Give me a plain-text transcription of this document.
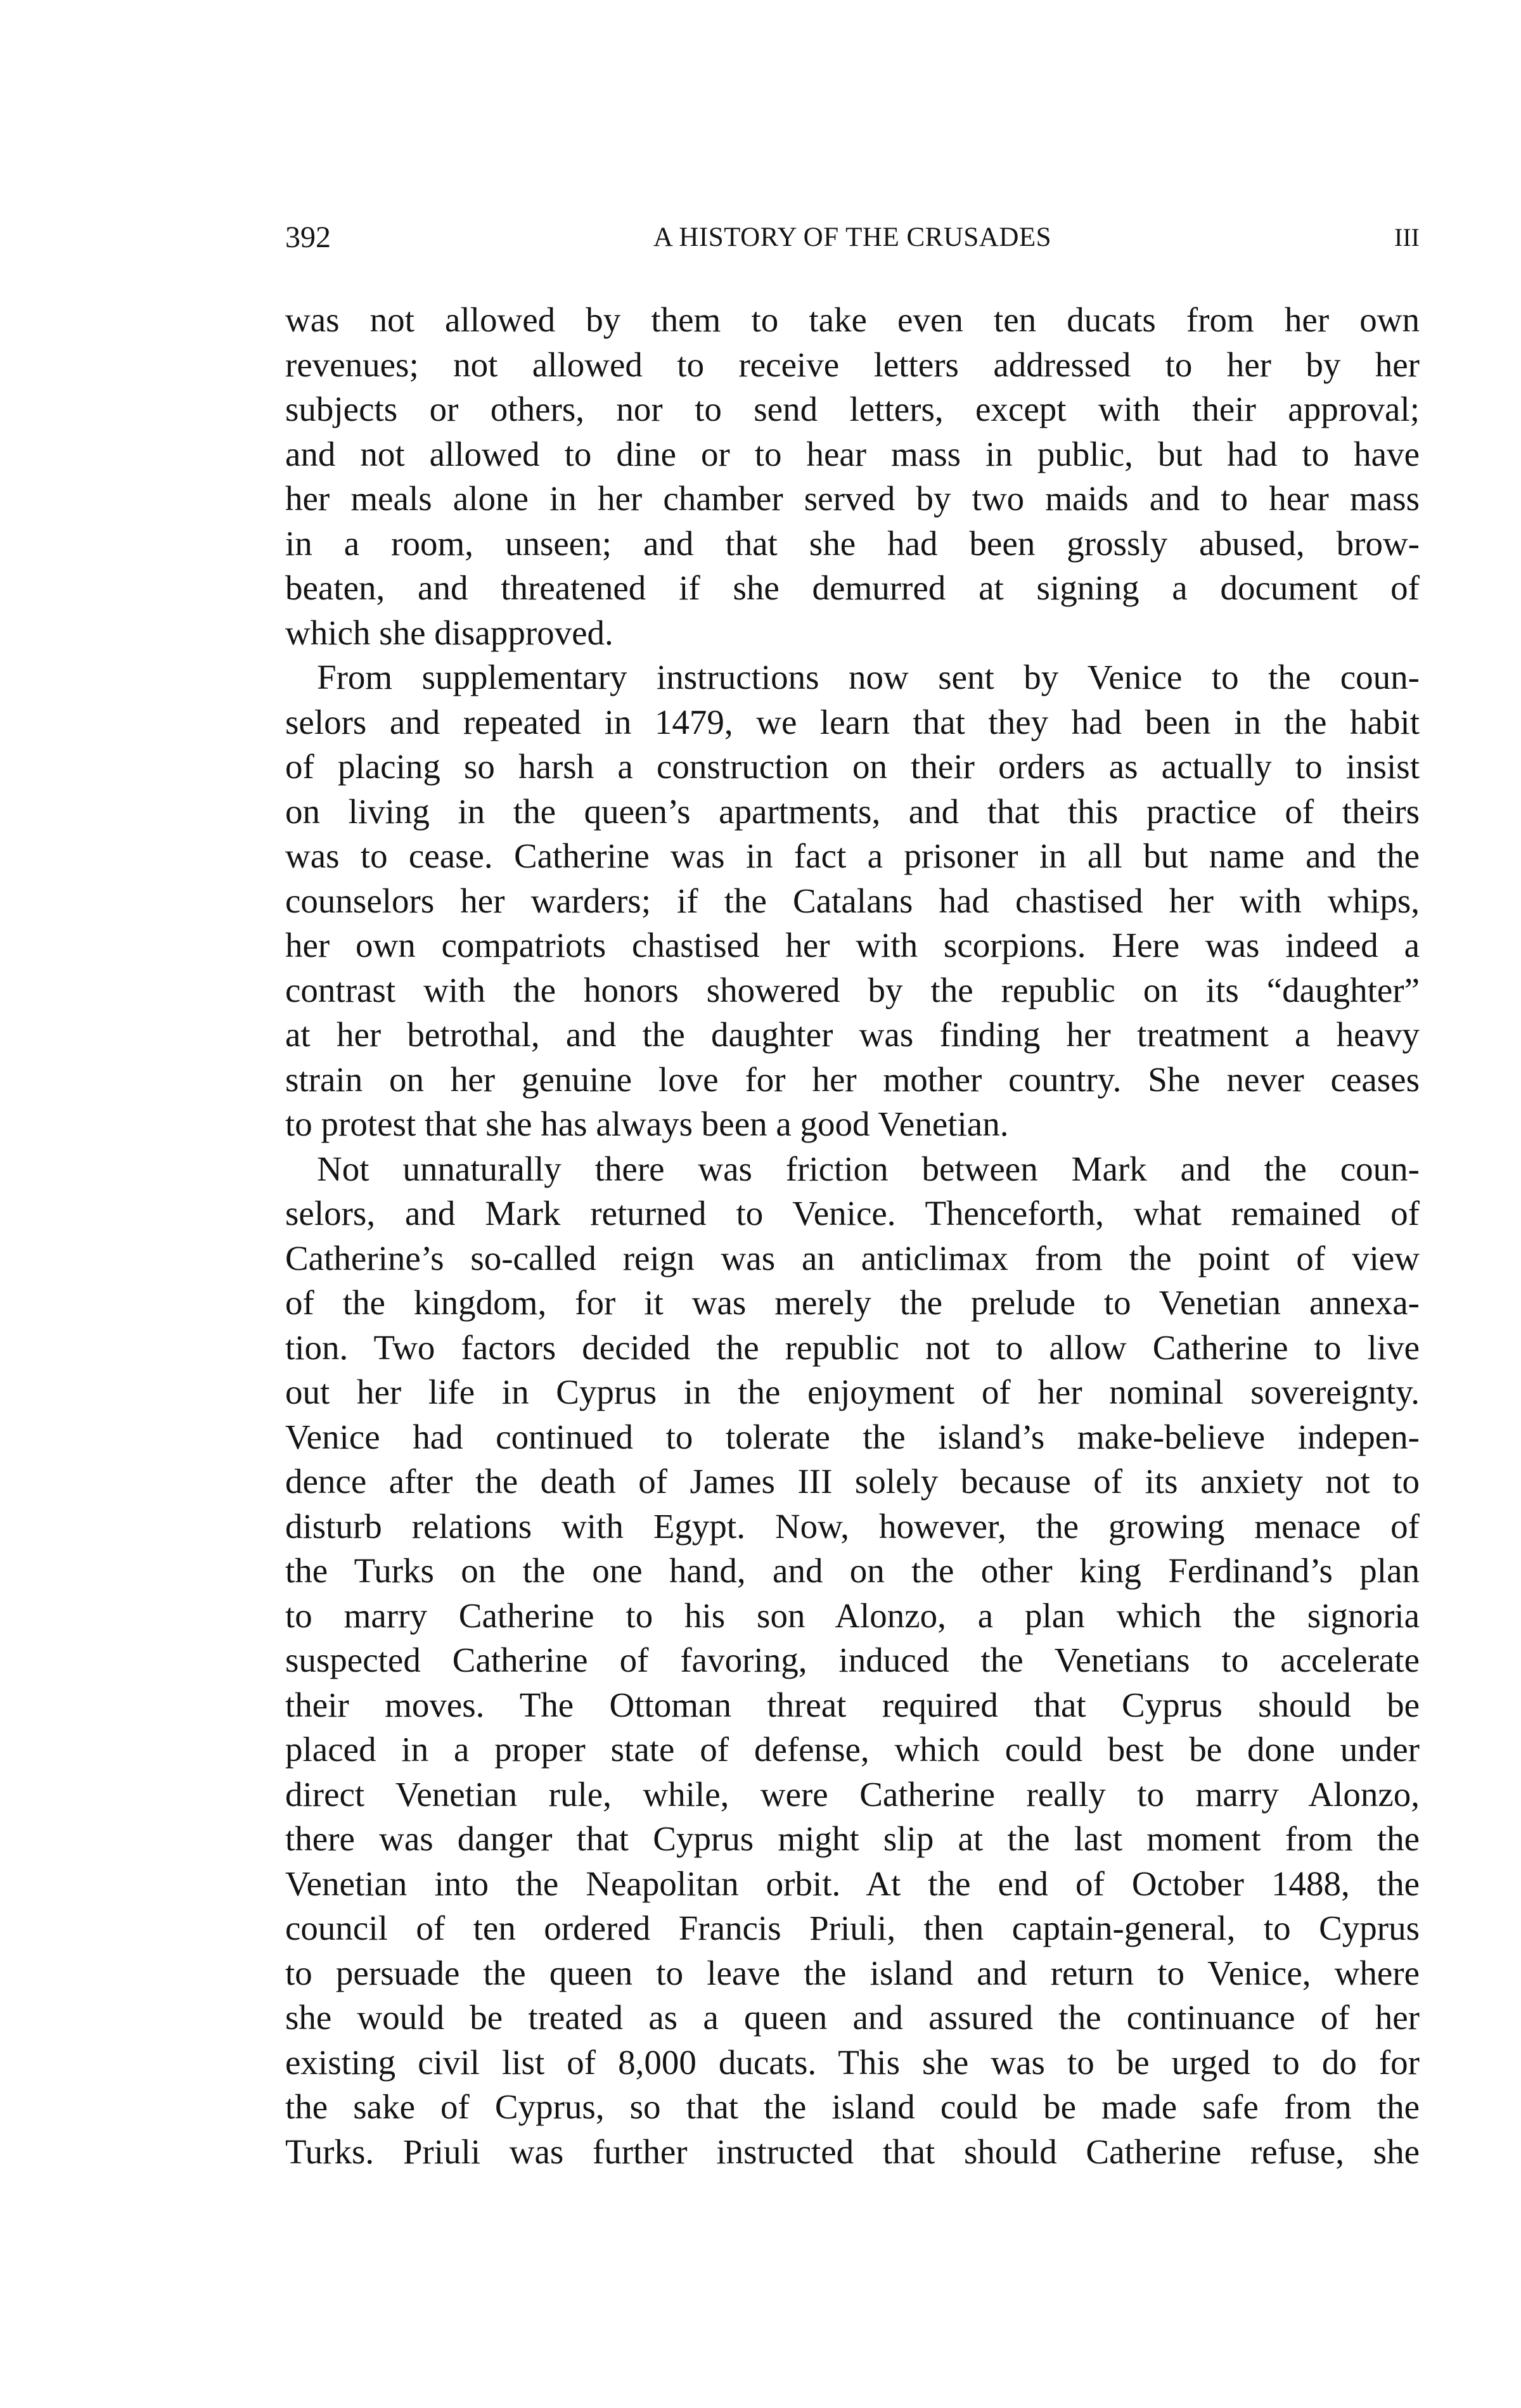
392	A HISTORY OF THE CRUSADES	III
was not allowed by them to take even ten ducats from her own
revenues; not allowed to receive letters addressed to her by her
subjects or others, nor to send letters, except with their approval;
and not allowed to dine or to hear mass in public, but had to have
her meals alone in her chamber served by two maids and to hear mass
in a room, unseen; and that she had been grossly abused, brow-
beaten, and threatened if she demurred at signing a document of
which she disapproved.
From supplementary instructions now sent by Venice to the coun-
selors and repeated in 1479, we learn that they had been in the habit
of placing so harsh a construction on their orders as actually to insist
on living in the queen’s apartments, and that this practice of theirs
was to cease. Catherine was in fact a prisoner in all but name and the
counselors her warders; if the Catalans had chastised her with whips,
her own compatriots chastised her with scorpions. Here was indeed a
contrast with the honors showered by the republic on its “daughter”
at her betrothal, and the daughter was finding her treatment a heavy
strain on her genuine love for her mother country. She never ceases
to protest that she has always been a good Venetian.
Not unnaturally there was friction between Mark and the coun-
selors, and Mark returned to Venice. Thenceforth, what remained of
Catherine’s so-called reign was an anticlimax from the point of view
of the kingdom, for it was merely the prelude to Venetian annexa-
tion. Two factors decided the republic not to allow Catherine to live
out her life in Cyprus in the enjoyment of her nominal sovereignty.
Venice had continued to tolerate the island’s make-believe indepen-
dence after the death of James III solely because of its anxiety not to
disturb relations with Egypt. Now, however, the growing menace of
the Turks on the one hand, and on the other king Ferdinand’s plan
to marry Catherine to his son Alonzo, a plan which the signoria
suspected Catherine of favoring, induced the Venetians to accelerate
their moves. The Ottoman threat required that Cyprus should be
placed in a proper state of defense, which could best be done under
direct Venetian rule, while, were Catherine really to marry Alonzo,
there was danger that Cyprus might slip at the last moment from the
Venetian into the Neapolitan orbit. At the end of October 1488, the
council of ten ordered Francis Priuli, then captain-general, to Cyprus
to persuade the queen to leave the island and return to Venice, where
she would be treated as a queen and assured the continuance of her
existing civil list of 8,000 ducats. This she was to be urged to do for
the sake of Cyprus, so that the island could be made safe from the
Turks. Priuli was further instructed that should Catherine refuse, she
